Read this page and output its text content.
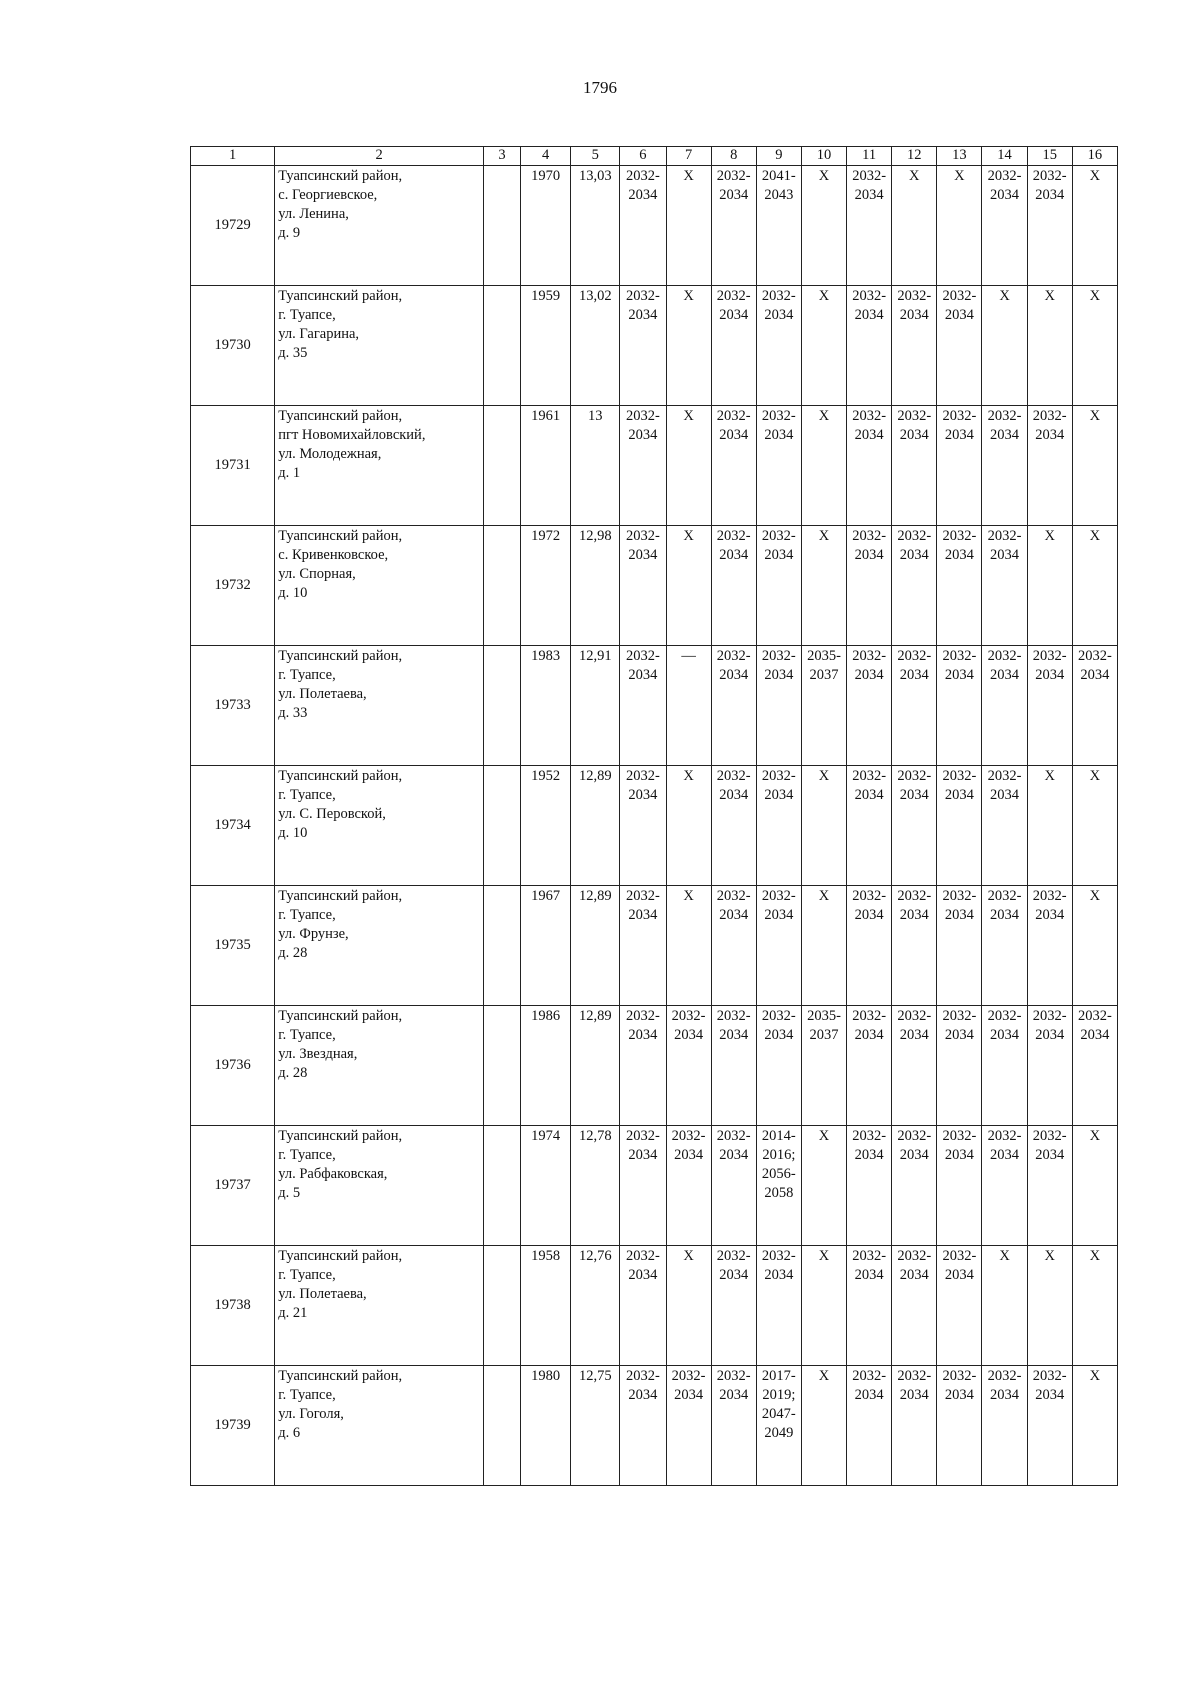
1796
1	2	3	4	5	6	7	8	9	10	11	12	13	14	15	16
19729	Туапсинский район,
с. Георгиевское,
ул. Ленина,
д. 9		1970	13,03	2032-
2034	X	2032-
2034	2041-
2043	X	2032-
2034	X	X	2032-
2034	2032-
2034	X
19730	Туапсинский район,
г. Туапсе,
ул. Гагарина,
д. 35		1959	13,02	2032-
2034	X	2032-
2034	2032-
2034	X	2032-
2034	2032-
2034	2032-
2034	X	X	X
19731	Туапсинский район,
пгт Новомихайловский,
ул. Молодежная,
д. 1		1961	13	2032-
2034	X	2032-
2034	2032-
2034	X	2032-
2034	2032-
2034	2032-
2034	2032-
2034	2032-
2034	X
19732	Туапсинский район,
с. Кривенковское,
ул. Спорная,
д. 10		1972	12,98	2032-
2034	X	2032-
2034	2032-
2034	X	2032-
2034	2032-
2034	2032-
2034	2032-
2034	X	X
19733	Туапсинский район,
г. Туапсе,
ул. Полетаева,
д. 33		1983	12,91	2032-
2034	—	2032-
2034	2032-
2034	2035-
2037	2032-
2034	2032-
2034	2032-
2034	2032-
2034	2032-
2034	2032-
2034
19734	Туапсинский район,
г. Туапсе,
ул. С. Перовской,
д. 10		1952	12,89	2032-
2034	X	2032-
2034	2032-
2034	X	2032-
2034	2032-
2034	2032-
2034	2032-
2034	X	X
19735	Туапсинский район,
г. Туапсе,
ул. Фрунзе,
д. 28		1967	12,89	2032-
2034	X	2032-
2034	2032-
2034	X	2032-
2034	2032-
2034	2032-
2034	2032-
2034	2032-
2034	X
19736	Туапсинский район,
г. Туапсе,
ул. Звездная,
д. 28		1986	12,89	2032-
2034	2032-
2034	2032-
2034	2032-
2034	2035-
2037	2032-
2034	2032-
2034	2032-
2034	2032-
2034	2032-
2034	2032-
2034
19737	Туапсинский район,
г. Туапсе,
ул. Рабфаковская,
д. 5		1974	12,78	2032-
2034	2032-
2034	2032-
2034	2014-
2016;
2056-
2058	X	2032-
2034	2032-
2034	2032-
2034	2032-
2034	2032-
2034	X
19738	Туапсинский район,
г. Туапсе,
ул. Полетаева,
д. 21		1958	12,76	2032-
2034	X	2032-
2034	2032-
2034	X	2032-
2034	2032-
2034	2032-
2034	X	X	X
19739	Туапсинский район,
г. Туапсе,
ул. Гоголя,
д. 6		1980	12,75	2032-
2034	2032-
2034	2032-
2034	2017-
2019;
2047-
2049	X	2032-
2034	2032-
2034	2032-
2034	2032-
2034	2032-
2034	X
